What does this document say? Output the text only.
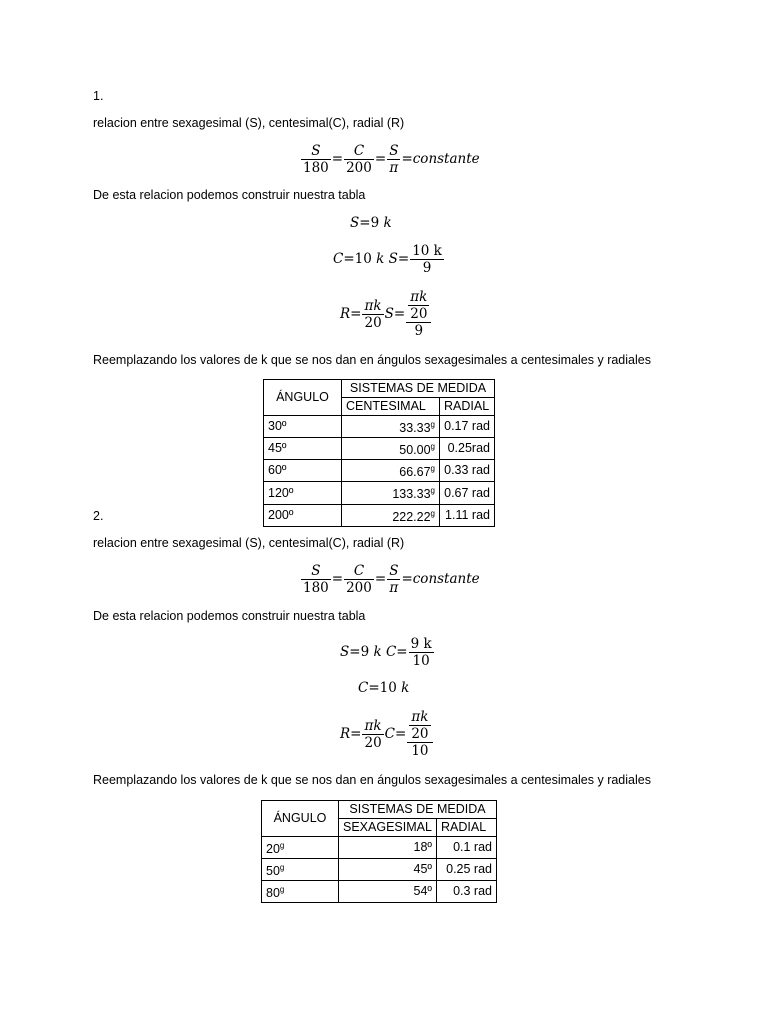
1.
relacion entre sexagesimal (S), centesimal(C), radial (R)
$\frac{S}{180} = \frac{C}{200} = \frac{S}{\pi}$ = constante
De esta relacion podemos construir nuestra tabla
S = 9
k
C = 10
k
$S = \frac{10 k}{9}$
$R = \frac{\pi k}{20}$ $S = \frac{\frac{\pi k}{20}}{9}$
Reemplazando los valores de k que se nos dan en ángulos sexagesimales a centesimales y radiales
ÁNGULO	SISTEMAS DE MEDIDA	
	CENTESIMAL	RADIAL
30º	33.33$^g$	0.17 rad
45º	50.00$^g$	0.25rad
60º	66.67$^g$	0.33 rad
120º	133.33$^g$	0.67 rad
200º	222.22$^g$	1.11 rad
2.
relacion entre sexagesimal (S), centesimal(C), radial (R)
$\frac{S}{180} = \frac{C}{200} = \frac{S}{\pi}$ = constante
De esta relacion podemos construir nuestra tabla
S = 9
k
$C = \frac{9 k}{10}$
C = 10
k
$R = \frac{\pi k}{20}$ $C = \frac{\frac{\pi k}{20}}{10}$
Reemplazando los valores de k que se nos dan en ángulos sexagesimales a centesimales y radiales
ÁNGULO	SISTEMAS DE MEDIDA	
	SEXAGESIMAL	RADIAL
20$^g$	18º	0.1 rad
50$^g$	45º	0.25 rad
80$^g$	54º	0.3 rad
